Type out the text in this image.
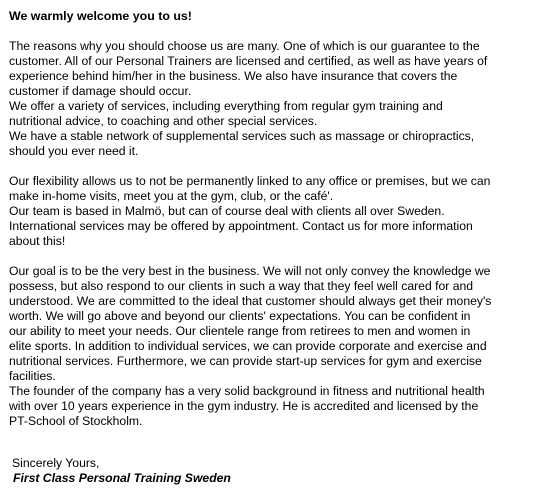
We warmly welcome you to us!
The reasons why you should choose us are many. One of which is our guarantee to the
customer. All of our Personal Trainers are licensed and certified, as well as have years of
experience behind him/her in the business. We also have insurance that covers the
customer if damage should occur.
We offer a variety of services, including everything from regular gym training and
nutritional advice, to coaching and other special services.
We have a stable network of supplemental services such as massage or chiropractics,
should you ever need it.
Our flexibility allows us to not be permanently linked to any office or premises, but we can
make in-home visits, meet you at the gym, club, or the café'.
Our team is based in Malmö, but can of course deal with clients all over Sweden.
International services may be offered by appointment. Contact us for more information
about this!
Our goal is to be the very best in the business. We will not only convey the knowledge we
possess, but also respond to our clients in such a way that they feel well cared for and
understood. We are committed to the ideal that customer should always get their money's
worth. We will go above and beyond our clients' expectations. You can be confident in
our ability to meet your needs. Our clientele range from retirees to men and women in
elite sports. In addition to individual services, we can provide corporate and exercise and
nutritional services. Furthermore, we can provide start-up services for gym and exercise
facilities.
The founder of the company has a very solid background in fitness and nutritional health
with over 10 years experience in the gym industry. He is accredited and licensed by the
PT-School of Stockholm.
Sincerely Yours,
First Class Personal Training Sweden
